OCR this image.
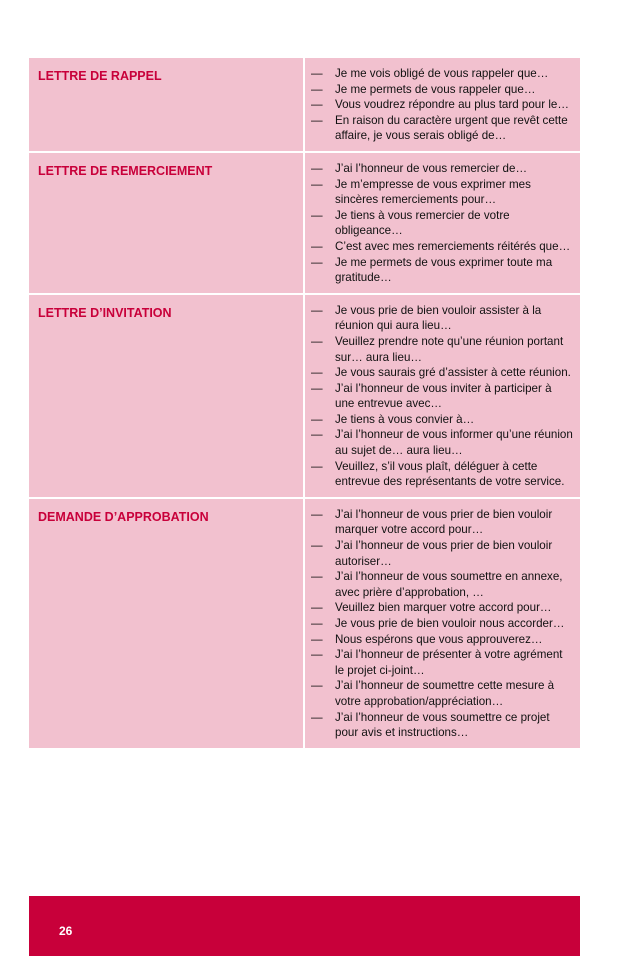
LETTRE DE RAPPEL	—	Je me vois obligé de vous rappeler que…
—	Je me permets de vous rappeler que…
—	Vous voudrez répondre au plus tard pour le…
—	En raison du caractère urgent que revêt cette affaire, je vous serais obligé de…
LETTRE DE REMERCIEMENT	—	J’ai l’honneur de vous remercier de…
—	Je m’empresse de vous exprimer mes sincères remerciements pour…
—	Je tiens à vous remercier de votre obligeance…
—	C’est avec mes remerciements réitérés que…
—	Je me permets de vous exprimer toute ma gratitude…
LETTRE D’INVITATION	—	Je vous prie de bien vouloir assister à la réunion qui aura lieu…
—	Veuillez prendre note qu’une réunion portant sur… aura lieu…
—	Je vous saurais gré d’assister à cette réunion.
—	J’ai l’honneur de vous inviter à participer à une entrevue avec…
—	Je tiens à vous convier à…
—	J’ai l’honneur de vous informer qu’une réunion au sujet de… aura lieu…
—	Veuillez, s’il vous plaît, déléguer à cette entrevue des représentants de votre service.
DEMANDE D’APPROBATION	—	J’ai l’honneur de vous prier de bien vouloir marquer votre accord pour…
—	J’ai l’honneur de vous prier de bien vouloir autoriser…
—	J’ai l’honneur de vous soumettre en annexe, avec prière d’approbation, …
—	Veuillez bien marquer votre accord pour…
—	Je vous prie de bien vouloir nous accorder…
—	Nous espérons que vous approuverez…
—	J’ai l’honneur de présenter à votre agrément le projet ci-joint…
—	J’ai l’honneur de soumettre cette mesure à votre approbation/appréciation…
—	J’ai l’honneur de vous soumettre ce projet pour avis et instructions…
26
